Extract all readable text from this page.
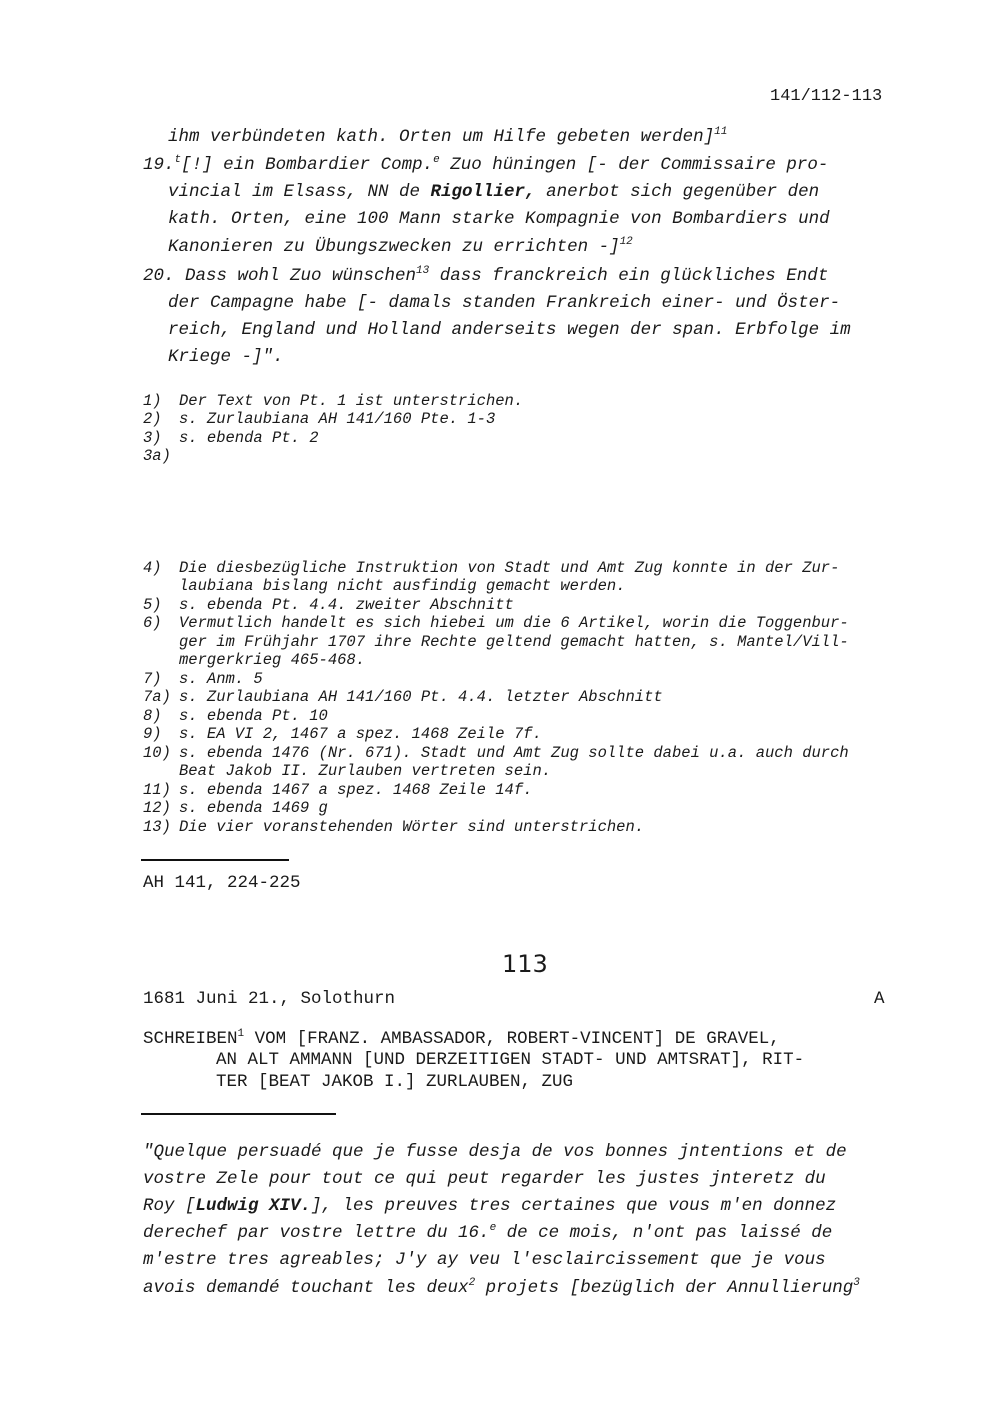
141/112-113

ihm verbündeten kath. Orten um Hilfe gebeten werden]$^{11}$

19.$^t$[!] ein Bombardier Comp.$^e$ Zuo hüningen [- der Commissaire pro-

vincial im Elsass, NN de Rigollier, anerbot sich gegenüber den

kath. Orten, eine 100 Mann starke Kompagnie von Bombardiers und

Kanonieren zu Übungszwecken zu errichten -]$^{12}$

20. Dass wohl Zuo wünschen$^{13}$ dass franckreich ein glückliches Endt

der Campagne habe [- damals standen Frankreich einer- und Öster-

reich, England und Holland anderseits wegen der span. Erbfolge im

Kriege -]".

1) Der Text von Pt. 1 ist unterstrichen.
2) s. Zurlaubiana AH 141/160 Pte. 1-3
3) s. ebenda Pt. 2
3a)
4) Die diesbezügliche Instruktion von Stadt und Amt Zug konnte in der Zur-
laubiana bislang nicht ausfindig gemacht werden.
5) s. ebenda Pt. 4.4. zweiter Abschnitt
6) Vermutlich handelt es sich hiebei um die 6 Artikel, worin die Toggenbur-
ger im Frühjahr 1707 ihre Rechte geltend gemacht hatten, s. Mantel/Vill-
mergerkrieg 465-468.
7) s. Anm. 5
7a) s. Zurlaubiana AH 141/160 Pt. 4.4. letzter Abschnitt
8) s. ebenda Pt. 10
9) s. EA VI 2, 1467 a spez. 1468 Zeile 7f.
10) s. ebenda 1476 (Nr. 671). Stadt und Amt Zug sollte dabei u.a. auch durch
Beat Jakob II. Zurlauben vertreten sein.
11) s. ebenda 1467 a spez. 1468 Zeile 14f.
12) s. ebenda 1469 g
13) Die vier voranstehenden Wörter sind unterstrichen.
AH 141, 224-225
113
1681 Juni 21., Solothurn	A
SCHREIBEN$^1$ VOM [FRANZ. AMBASSADOR, ROBERT-VINCENT] DE GRAVEL,
AN ALT AMMANN [UND DERZEITIGEN STADT- UND AMTSRAT], RIT-
TER [BEAT JAKOB I.] ZURLAUBEN, ZUG

"Quelque persuadé que je fusse desja de vos bonnes jntentions et de

vostre Zele pour tout ce qui peut regarder les justes jnteretz du

Roy [Ludwig XIV.], les preuves tres certaines que vous m'en donnez

derechef par vostre lettre du 16.$^e$ de ce mois, n'ont pas laissé de

m'estre tres agreables; J'y ay veu l'esclaircissement que je vous

avois demandé touchant les deux$^2$ projets [bezüglich der Annullierung$^3$
